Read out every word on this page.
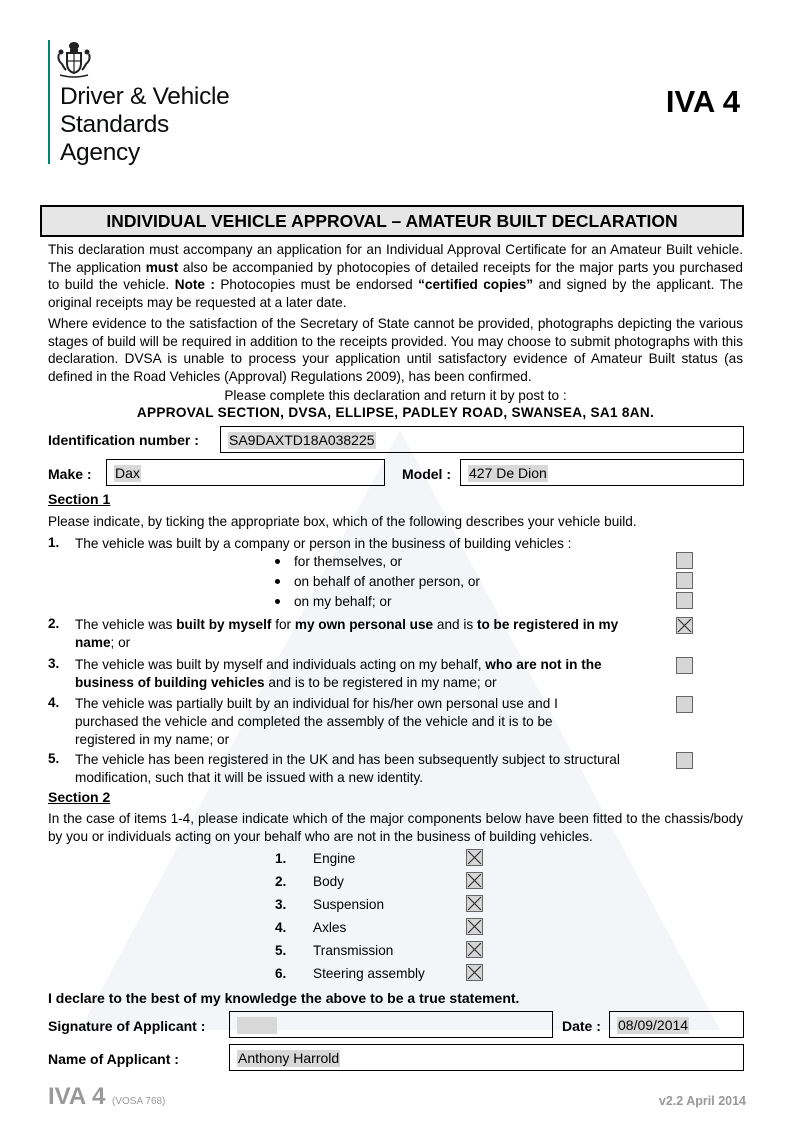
Driver & Vehicle
Standards
Agency
IVA 4
INDIVIDUAL VEHICLE APPROVAL – AMATEUR BUILT DECLARATION
This declaration must accompany an application for an Individual Approval Certificate for an Amateur Built vehicle. The application must also be accompanied by photocopies of detailed receipts for the major parts you purchased to build the vehicle. Note : Photocopies must be endorsed “certified copies” and signed by the applicant. The original receipts may be requested at a later date.
Where evidence to the satisfaction of the Secretary of State cannot be provided, photographs depicting the various stages of build will be required in addition to the receipts provided. You may choose to submit photographs with this declaration. DVSA is unable to process your application until satisfactory evidence of Amateur Built status (as defined in the Road Vehicles (Approval) Regulations 2009), has been confirmed.
Please complete this declaration and return it by post to :
APPROVAL SECTION, DVSA, ELLIPSE, PADLEY ROAD, SWANSEA, SA1 8AN.
Identification number : SA9DAXTD18A038225
Make : Dax	Model : 427 De Dion
Section 1
Please indicate, by ticking the appropriate box, which of the following describes your vehicle build.
1. The vehicle was built by a company or person in the business of building vehicles :
for themselves, or
on behalf of another person, or
on my behalf; or
2. The vehicle was built by myself for my own personal use and is to be registered in my name; or
3. The vehicle was built by myself and individuals acting on my behalf, who are not in the business of building vehicles and is to be registered in my name; or
4. The vehicle was partially built by an individual for his/her own personal use and I purchased the vehicle and completed the assembly of the vehicle and it is to be registered in my name; or
5. The vehicle has been registered in the UK and has been subsequently subject to structural modification, such that it will be issued with a new identity.
Section 2
In the case of items 1-4, please indicate which of the major components below have been fitted to the chassis/body by you or individuals acting on your behalf who are not in the business of building vehicles.
1.	Engine
2.	Body
3.	Suspension
4.	Axles
5.	Transmission
6.	Steering assembly
I declare to the best of my knowledge the above to be a true statement.
Signature of Applicant :	Date : 08/09/2014
Name of Applicant :	Anthony Harrold
IVA 4 (VOSA 768)	v2.2 April 2014
